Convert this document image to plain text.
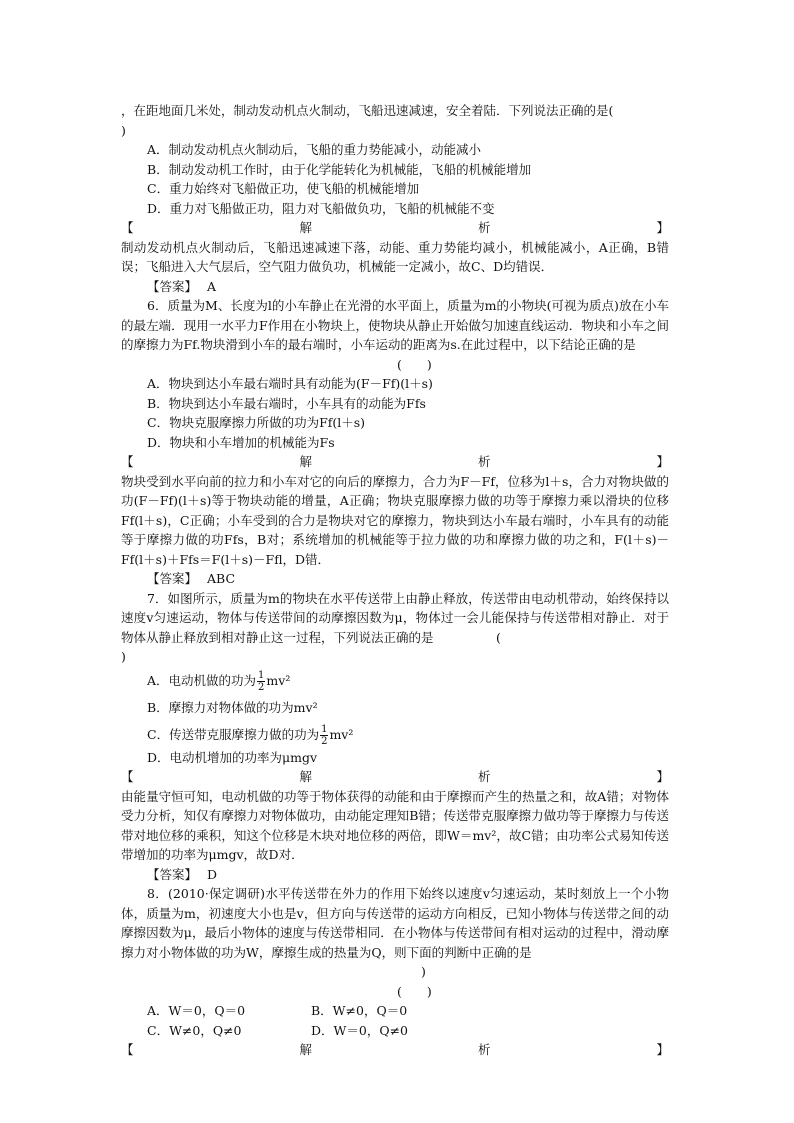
，在距地面几米处，制动发动机点火制动，飞船迅速减速，安全着陆．下列说法正确的是(
)
A．制动发动机点火制动后，飞船的重力势能减小，动能减小
B．制动发动机工作时，由于化学能转化为机械能，飞船的机械能增加
C．重力始终对飞船做正功，使飞船的机械能增加
D．重力对飞船做正功，阻力对飞船做负功，飞船的机械能不变
【	解	析	】
制动发动机点火制动后，飞船迅速减速下落，动能、重力势能均减小，机械能减小，A正确，B错误；飞船进入大气层后，空气阻力做负功，机械能一定减小，故C、D均错误．
【答案】 A
6．质量为M、长度为l的小车静止在光滑的水平面上，质量为m的小物块(可视为质点)放在小车的最左端．现用一水平力F作用在小物块上，使物块从静止开始做匀加速直线运动．物块和小车之间的摩擦力为Ff.物块滑到小车的最右端时，小车运动的距离为s.在此过程中，以下结论正确的是
(　　)
A．物块到达小车最右端时具有动能为(F－Ff)(l＋s)
B．物块到达小车最右端时，小车具有的动能为Ffs
C．物块克服摩擦力所做的功为Ff(l＋s)
D．物块和小车增加的机械能为Fs
【	解	析	】
物块受到水平向前的拉力和小车对它的向后的摩擦力，合力为F－Ff，位移为l＋s，合力对物块做的功(F－Ff)(l＋s)等于物块动能的增量，A正确；物块克服摩擦力做的功等于摩擦力乘以滑块的位移Ff(l＋s)，C正确；小车受到的合力是物块对它的摩擦力，物块到达小车最右端时，小车具有的动能等于摩擦力做的功Ffs，B对；系统增加的机械能等于拉力做的功和摩擦力做的功之和，F(l＋s)－Ff(l＋s)＋Ffs＝F(l＋s)－Ffl，D错．
【答案】 ABC
7．如图所示，质量为m的物块在水平传送带上由静止释放，传送带由电动机带动，始终保持以速度v匀速运动，物体与传送带间的动摩擦因数为μ，物体过一会儿能保持与传送带相对静止．对于物体从静止释放到相对静止这一过程，下列说法正确的是　　　　　(
)
A．电动机做的功为 $\frac{1}{2} mv^2$
B．摩擦力对物体做的功为mv²
C．传送带克服摩擦力做的功为 $\frac{1}{2} mv^2$
D．电动机增加的功率为μmgv
【	解	析	】
由能量守恒可知，电动机做的功等于物体获得的动能和由于摩擦而产生的热量之和，故A错；对物体受力分析，知仅有摩擦力对物体做功，由动能定理知B错；传送带克服摩擦力做功等于摩擦力与传送带对地位移的乘积，知这个位移是木块对地位移的两倍，即W＝mv²，故C错；由功率公式易知传送带增加的功率为μmgv，故D对．
【答案】 D
8．(2010·保定调研)水平传送带在外力的作用下始终以速度v匀速运动，某时刻放上一个小物体，质量为m，初速度大小也是v，但方向与传送带的运动方向相反，已知小物体与传送带之间的动摩擦因数为μ，最后小物体的速度与传送带相同．在小物体与传送带间有相对运动的过程中，滑动摩擦力对小物体做的功为W，摩擦生成的热量为Q，则下面的判断中正确的是
)
(　　)
A．W＝0，Q＝0	B．W≠0，Q＝0
C．W≠0，Q≠0	D．W＝0，Q≠0
【	解	析	】
